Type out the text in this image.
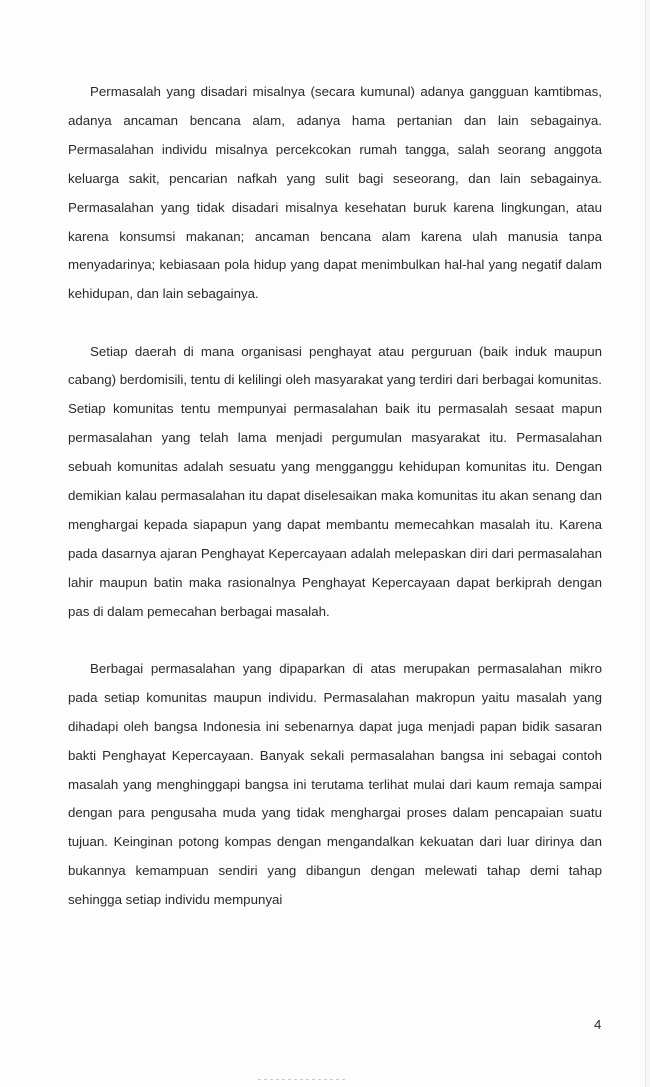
Permasalah yang disadari misalnya (secara kumunal) adanya gangguan kamtibmas, adanya ancaman bencana alam, adanya hama pertanian dan lain sebagainya. Permasalahan individu misalnya percekcokan rumah tangga, salah seorang anggota keluarga sakit, pencarian nafkah yang sulit bagi seseorang, dan lain sebagainya. Permasalahan yang tidak disadari misalnya kesehatan buruk karena lingkungan, atau karena konsumsi makanan; ancaman bencana alam karena ulah manusia tanpa menyadarinya; kebiasaan pola hidup yang dapat menimbulkan hal-hal yang negatif dalam kehidupan, dan lain sebagainya.

Setiap daerah di mana organisasi penghayat atau perguruan (baik induk maupun cabang) berdomisili, tentu di kelilingi oleh masyarakat yang terdiri dari berbagai komunitas. Setiap komunitas tentu mempunyai permasalahan baik itu permasalah sesaat mapun permasalahan yang telah lama menjadi pergumulan masyarakat itu. Permasalahan sebuah komunitas adalah sesuatu yang mengganggu kehidupan komunitas itu. Dengan demikian kalau permasalahan itu dapat diselesaikan maka komunitas itu akan senang dan menghargai kepada siapapun yang dapat membantu memecahkan masalah itu. Karena pada dasarnya ajaran Penghayat Kepercayaan adalah melepaskan diri dari permasalahan lahir maupun batin maka rasionalnya Penghayat Kepercayaan dapat berkiprah dengan pas di dalam pemecahan berbagai masalah.

Berbagai permasalahan yang dipaparkan di atas merupakan permasalahan mikro pada setiap komunitas maupun individu. Permasalahan makropun yaitu masalah yang dihadapi oleh bangsa Indonesia ini sebenarnya dapat juga menjadi papan bidik sasaran bakti Penghayat Kepercayaan. Banyak sekali permasalahan bangsa ini sebagai contoh masalah yang menghinggapi bangsa ini terutama terlihat mulai dari kaum remaja sampai dengan para pengusaha muda yang tidak menghargai proses dalam pencapaian suatu tujuan. Keinginan potong kompas dengan mengandalkan kekuatan dari luar dirinya dan bukannya kemampuan sendiri yang dibangun dengan melewati tahap demi tahap sehingga setiap individu mempunyai

4
